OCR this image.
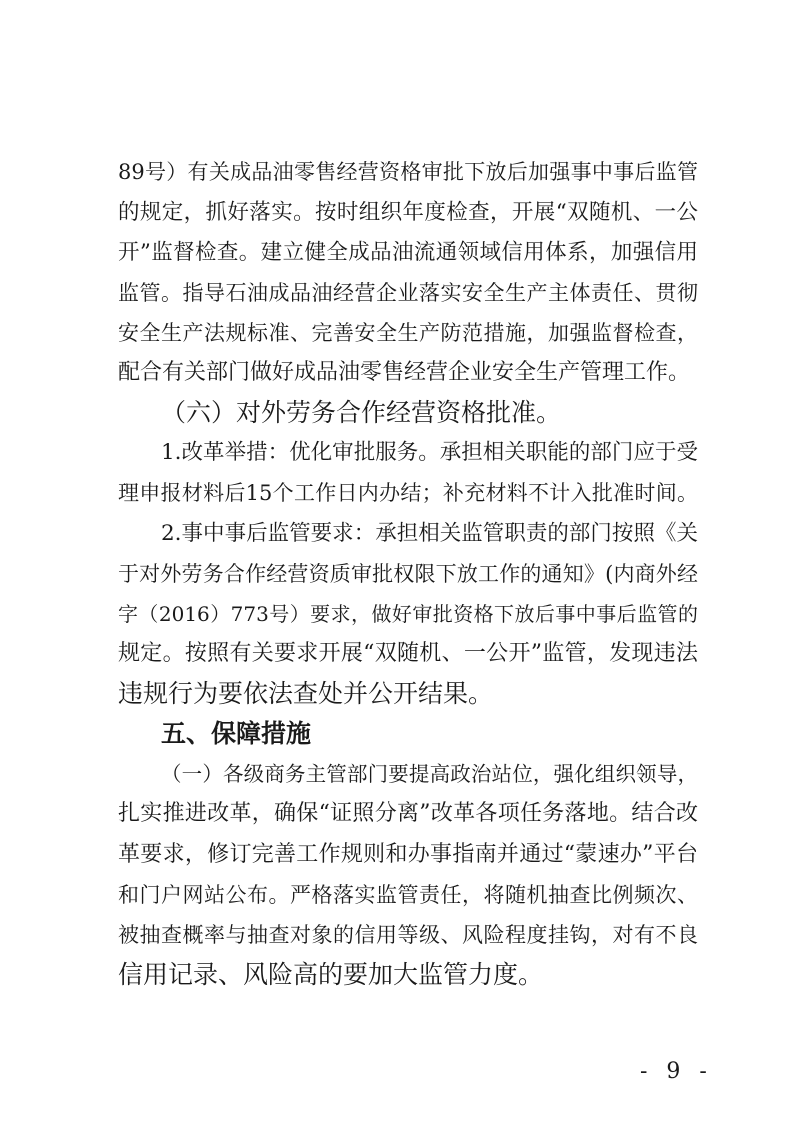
89号）有关成品油零售经营资格审批下放后加强事中事后监管
的规定，抓好落实。按时组织年度检查，开展“双随机、一公
开”监督检查。建立健全成品油流通领域信用体系，加强信用
监管。指导石油成品油经营企业落实安全生产主体责任、贯彻
安全生产法规标准、完善安全生产防范措施，加强监督检查，
配合有关部门做好成品油零售经营企业安全生产管理工作。
（六）对外劳务合作经营资格批准。
1.改革举措：优化审批服务。承担相关职能的部门应于受
理申报材料后15个工作日内办结；补充材料不计入批准时间。
2.事中事后监管要求：承担相关监管职责的部门按照《关
于对外劳务合作经营资质审批权限下放工作的通知》(内商外经
字（2016）773号）要求，做好审批资格下放后事中事后监管的
规定。按照有关要求开展“双随机、一公开”监管，发现违法
违规行为要依法查处并公开结果。
五、保障措施
（一）各级商务主管部门要提高政治站位，强化组织领导，
扎实推进改革，确保“证照分离”改革各项任务落地。结合改
革要求，修订完善工作规则和办事指南并通过“蒙速办”平台
和门户网站公布。严格落实监管责任，将随机抽查比例频次、
被抽查概率与抽查对象的信用等级、风险程度挂钩，对有不良
信用记录、风险高的要加大监管力度。
- 9 -
